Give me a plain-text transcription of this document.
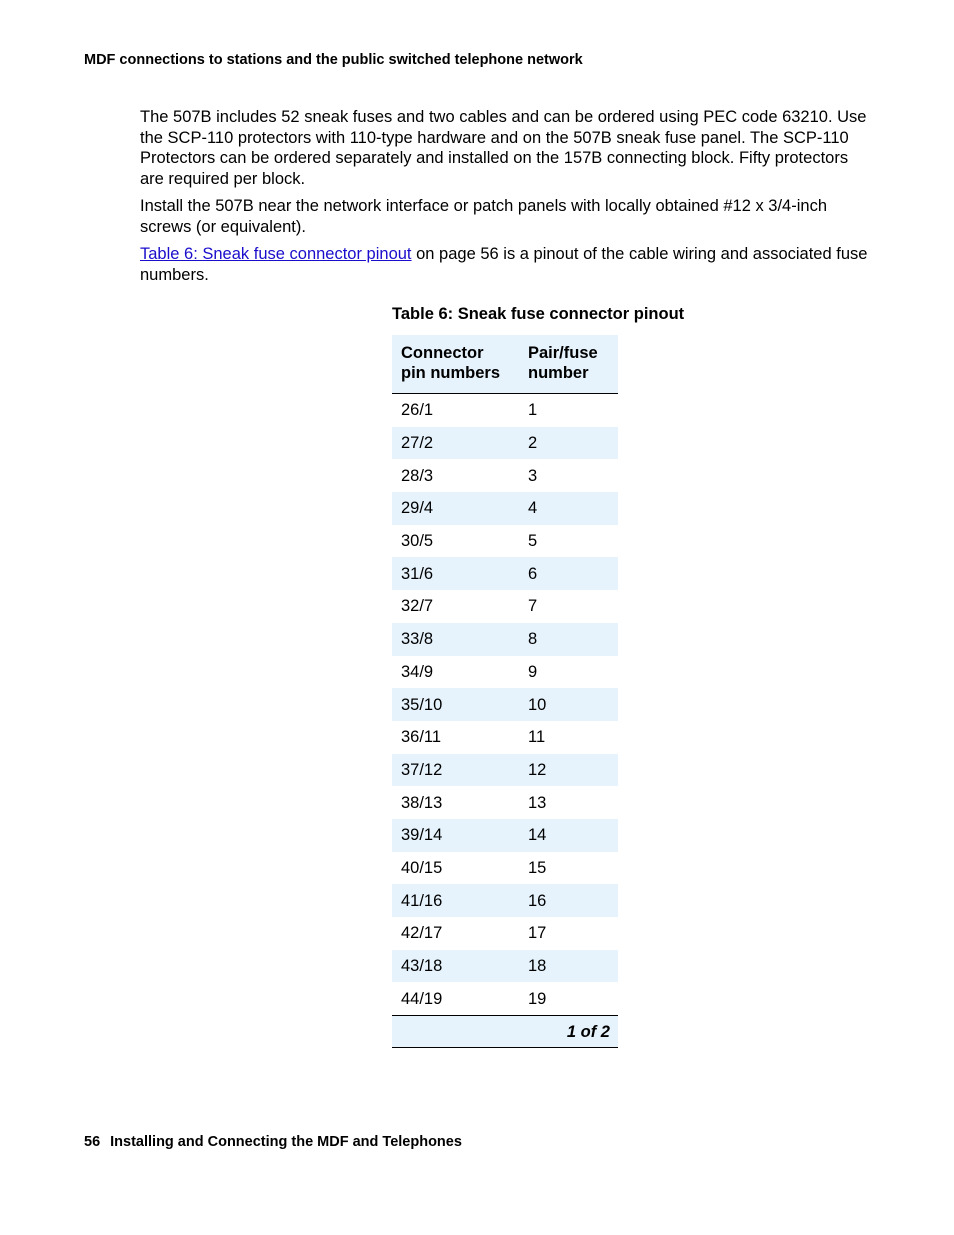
MDF connections to stations and the public switched telephone network

The 507B includes 52 sneak fuses and two cables and can be ordered using PEC code 63210. Use the SCP-110 protectors with 110-type hardware and on the 507B sneak fuse panel. The SCP-110 Protectors can be ordered separately and installed on the 157B connecting block. Fifty protectors are required per block.

Install the 507B near the network interface or patch panels with locally obtained #12 x 3/4-inch screws (or equivalent).

Table 6: Sneak fuse connector pinout on page 56 is a pinout of the cable wiring and associated fuse numbers.

Table 6: Sneak fuse connector pinout
Connector pin numbers	Pair/fuse number
26/1	1
27/2	2
28/3	3
29/4	4
30/5	5
31/6	6
32/7	7
33/8	8
34/9	9
35/10	10
36/11	11
37/12	12
38/13	13
39/14	14
40/15	15
41/16	16
42/17	17
43/18	18
44/19	19
1 of 2	
56 Installing and Connecting the MDF and Telephones
